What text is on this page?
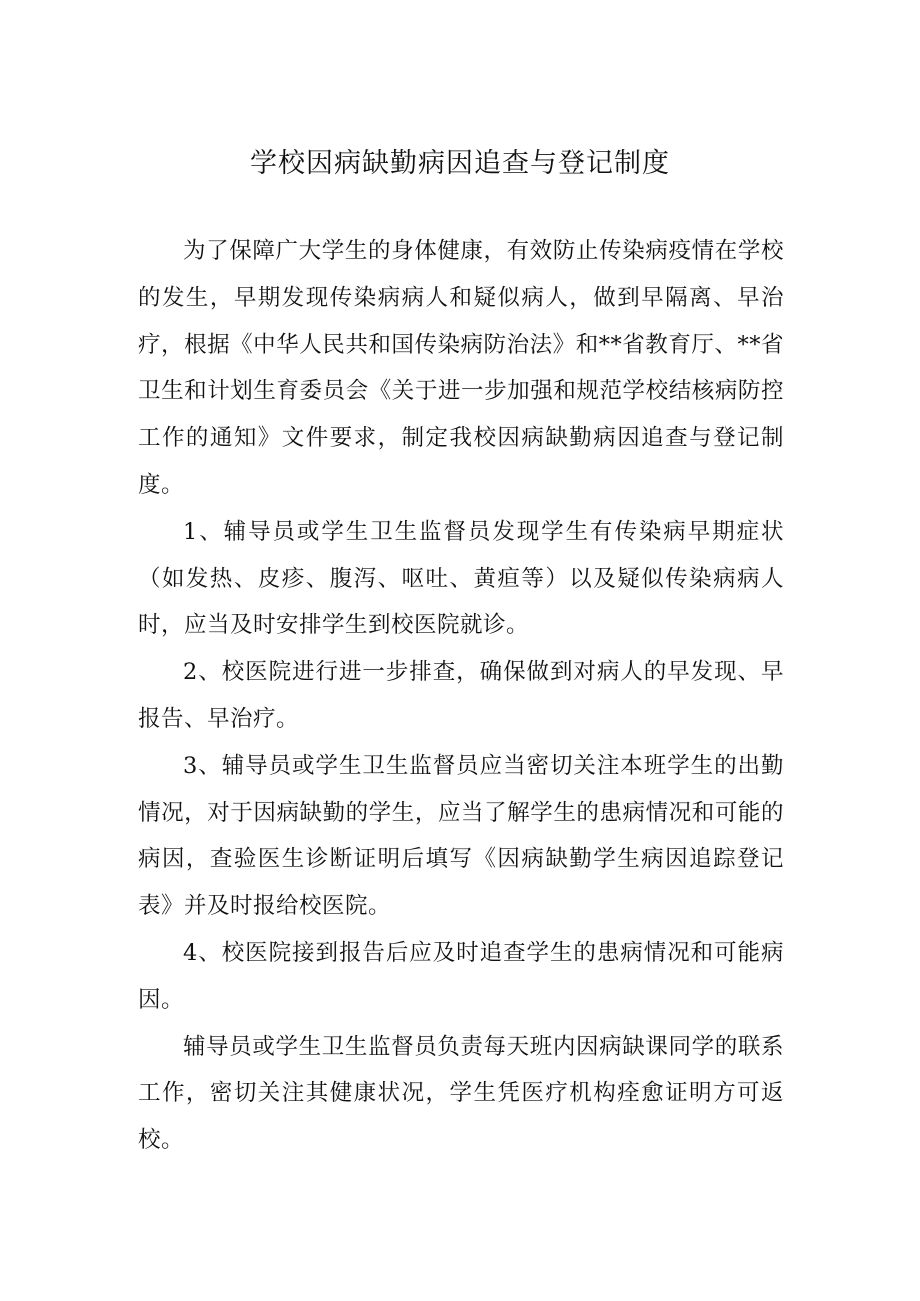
学校因病缺勤病因追查与登记制度

为了保障广大学生的身体健康，有效防止传染病疫情在学校的发生，早期发现传染病病人和疑似病人，做到早隔离、早治疗，根据《中华人民共和国传染病防治法》和**省教育厅、**省卫生和计划生育委员会《关于进一步加强和规范学校结核病防控工作的通知》文件要求，制定我校因病缺勤病因追查与登记制度。

1、辅导员或学生卫生监督员发现学生有传染病早期症状（如发热、皮疹、腹泻、呕吐、黄疸等）以及疑似传染病病人时，应当及时安排学生到校医院就诊。

2、校医院进行进一步排查，确保做到对病人的早发现、早报告、早治疗。

3、辅导员或学生卫生监督员应当密切关注本班学生的出勤情况，对于因病缺勤的学生，应当了解学生的患病情况和可能的病因，查验医生诊断证明后填写《因病缺勤学生病因追踪登记表》并及时报给校医院。

4、校医院接到报告后应及时追查学生的患病情况和可能病因。

辅导员或学生卫生监督员负责每天班内因病缺课同学的联系工作，密切关注其健康状况，学生凭医疗机构痊愈证明方可返校。
